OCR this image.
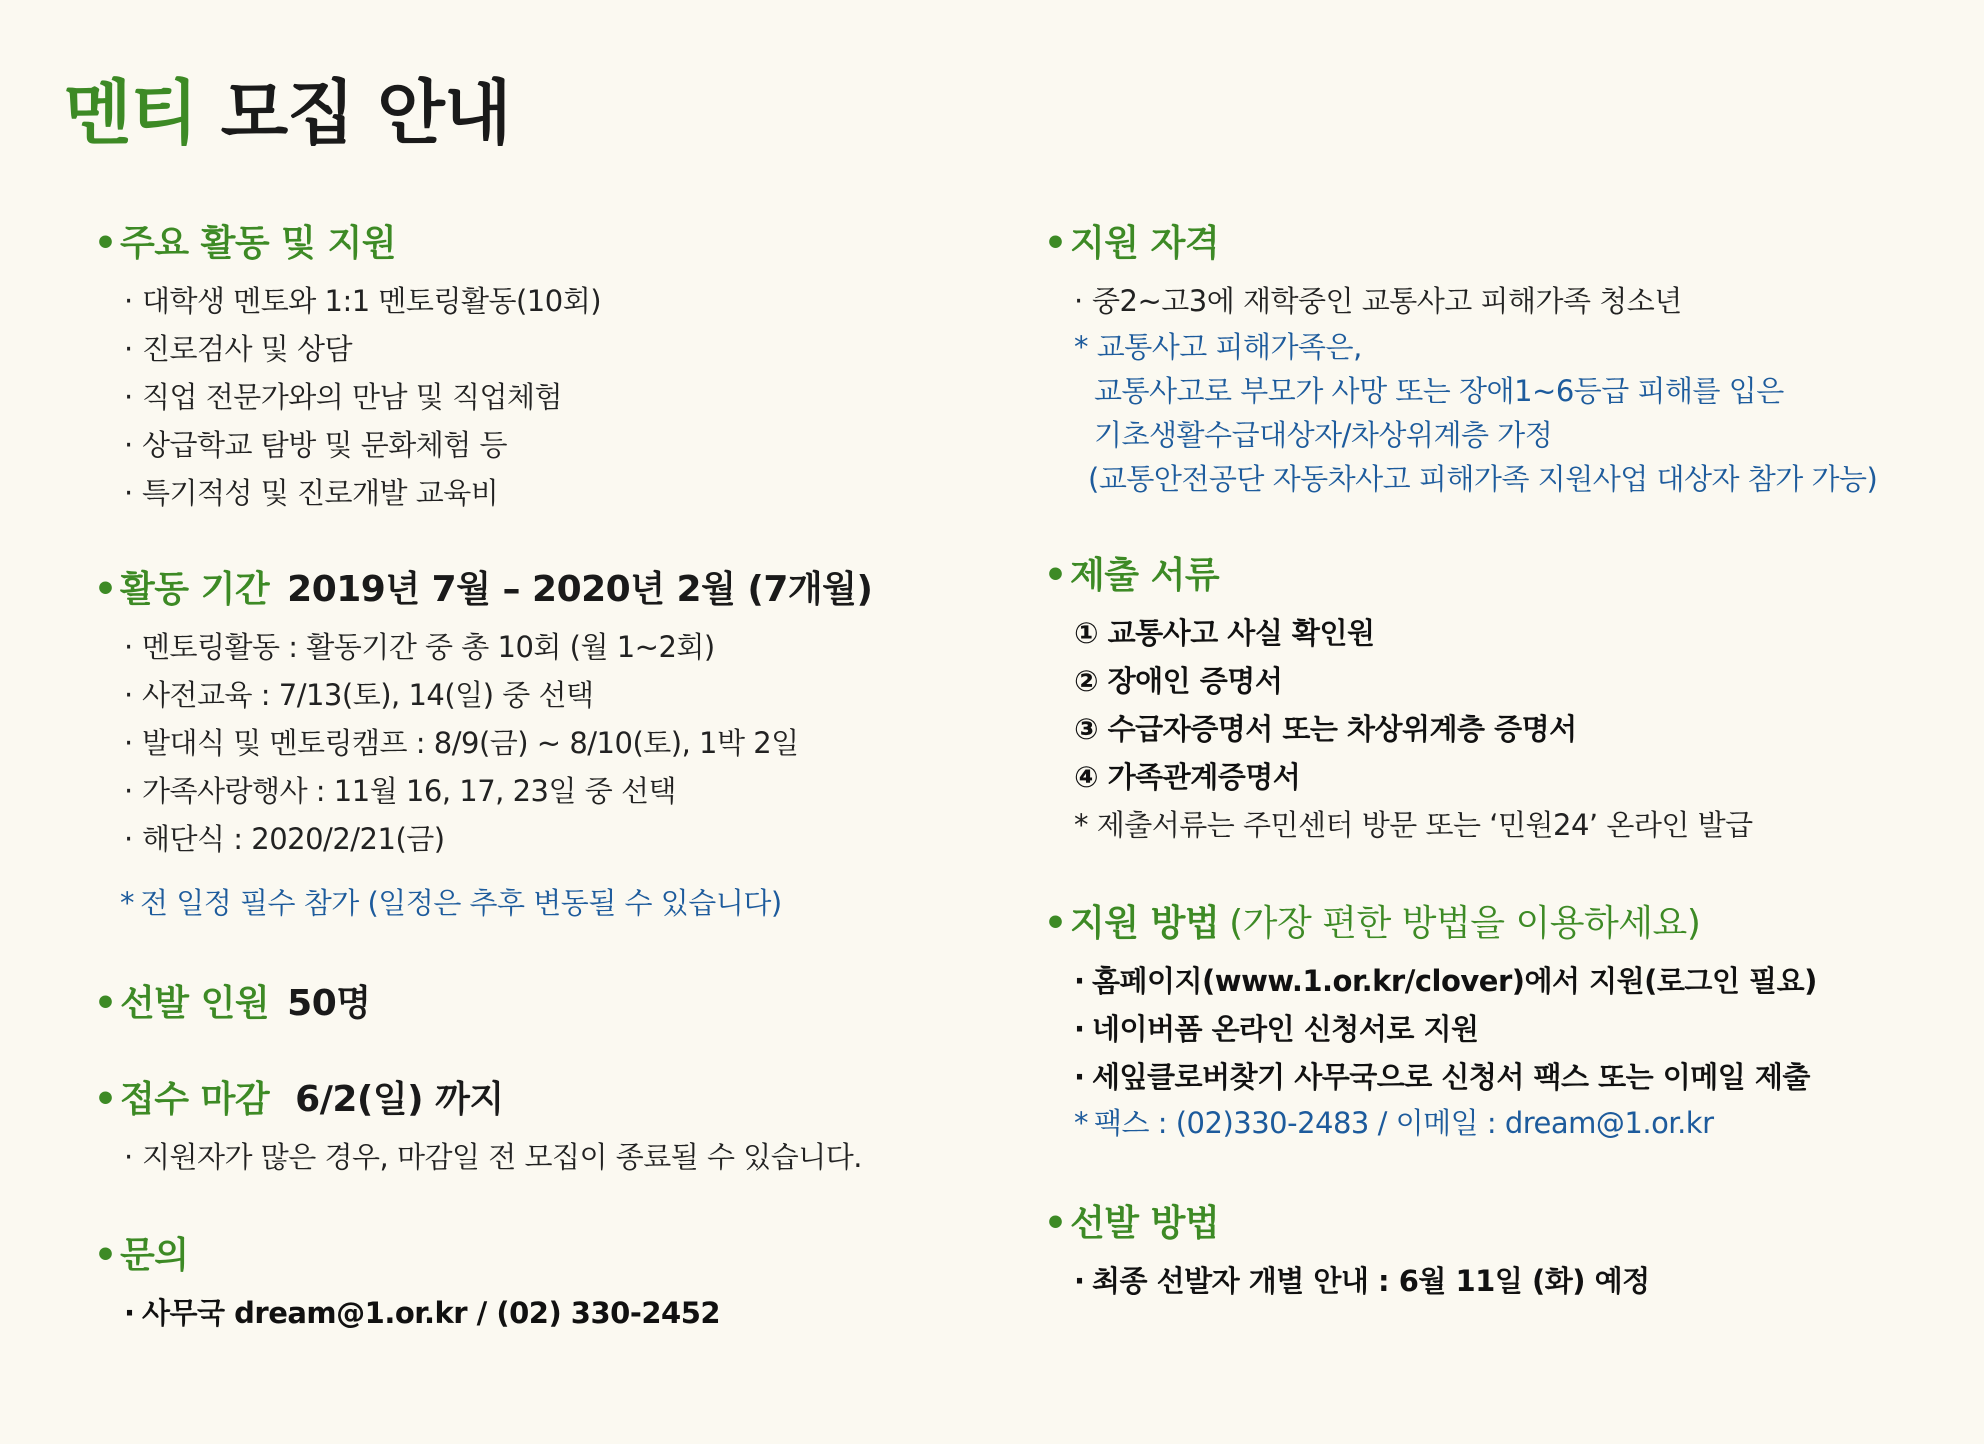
멘티 모집 안내
• 주요 활동 및 지원
· 대학생 멘토와 1:1 멘토링활동(10회)
· 진로검사 및 상담
· 직업 전문가와의 만남 및 직업체험
· 상급학교 탐방 및 문화체험 등
· 특기적성 및 진로개발 교육비
• 활동 기간 2019년 7월 – 2020년 2월 (7개월)
· 멘토링활동 : 활동기간 중 총 10회 (월 1~2회)
· 사전교육 : 7/13(토), 14(일) 중 선택
· 발대식 및 멘토링캠프 : 8/9(금) ~ 8/10(토), 1박 2일
· 가족사랑행사 : 11월 16, 17, 23일 중 선택
· 해단식 : 2020/2/21(금)
* 전 일정 필수 참가 (일정은 추후 변동될 수 있습니다)
• 선발 인원 50명
• 접수 마감 6/2(일) 까지
· 지원자가 많은 경우, 마감일 전 모집이 종료될 수 있습니다.
• 문의
· 사무국 dream@1.or.kr / (02) 330-2452
• 지원 자격
· 중2~고3에 재학중인 교통사고 피해가족 청소년
* 교통사고 피해가족은,
교통사고로 부모가 사망 또는 장애1~6등급 피해를 입은
기초생활수급대상자/차상위계층 가정
(교통안전공단 자동차사고 피해가족 지원사업 대상자 참가 가능)
• 제출 서류
① 교통사고 사실 확인원
② 장애인 증명서
③ 수급자증명서 또는 차상위계층 증명서
④ 가족관계증명서
* 제출서류는 주민센터 방문 또는 ‘민원24’ 온라인 발급
• 지원 방법 (가장 편한 방법을 이용하세요)
· 홈페이지(www.1.or.kr/clover)에서 지원(로그인 필요)
· 네이버폼 온라인 신청서로 지원
· 세잎클로버찾기 사무국으로 신청서 팩스 또는 이메일 제출
* 팩스 : (02)330-2483 / 이메일 : dream@1.or.kr
• 선발 방법
· 최종 선발자 개별 안내 : 6월 11일 (화) 예정
